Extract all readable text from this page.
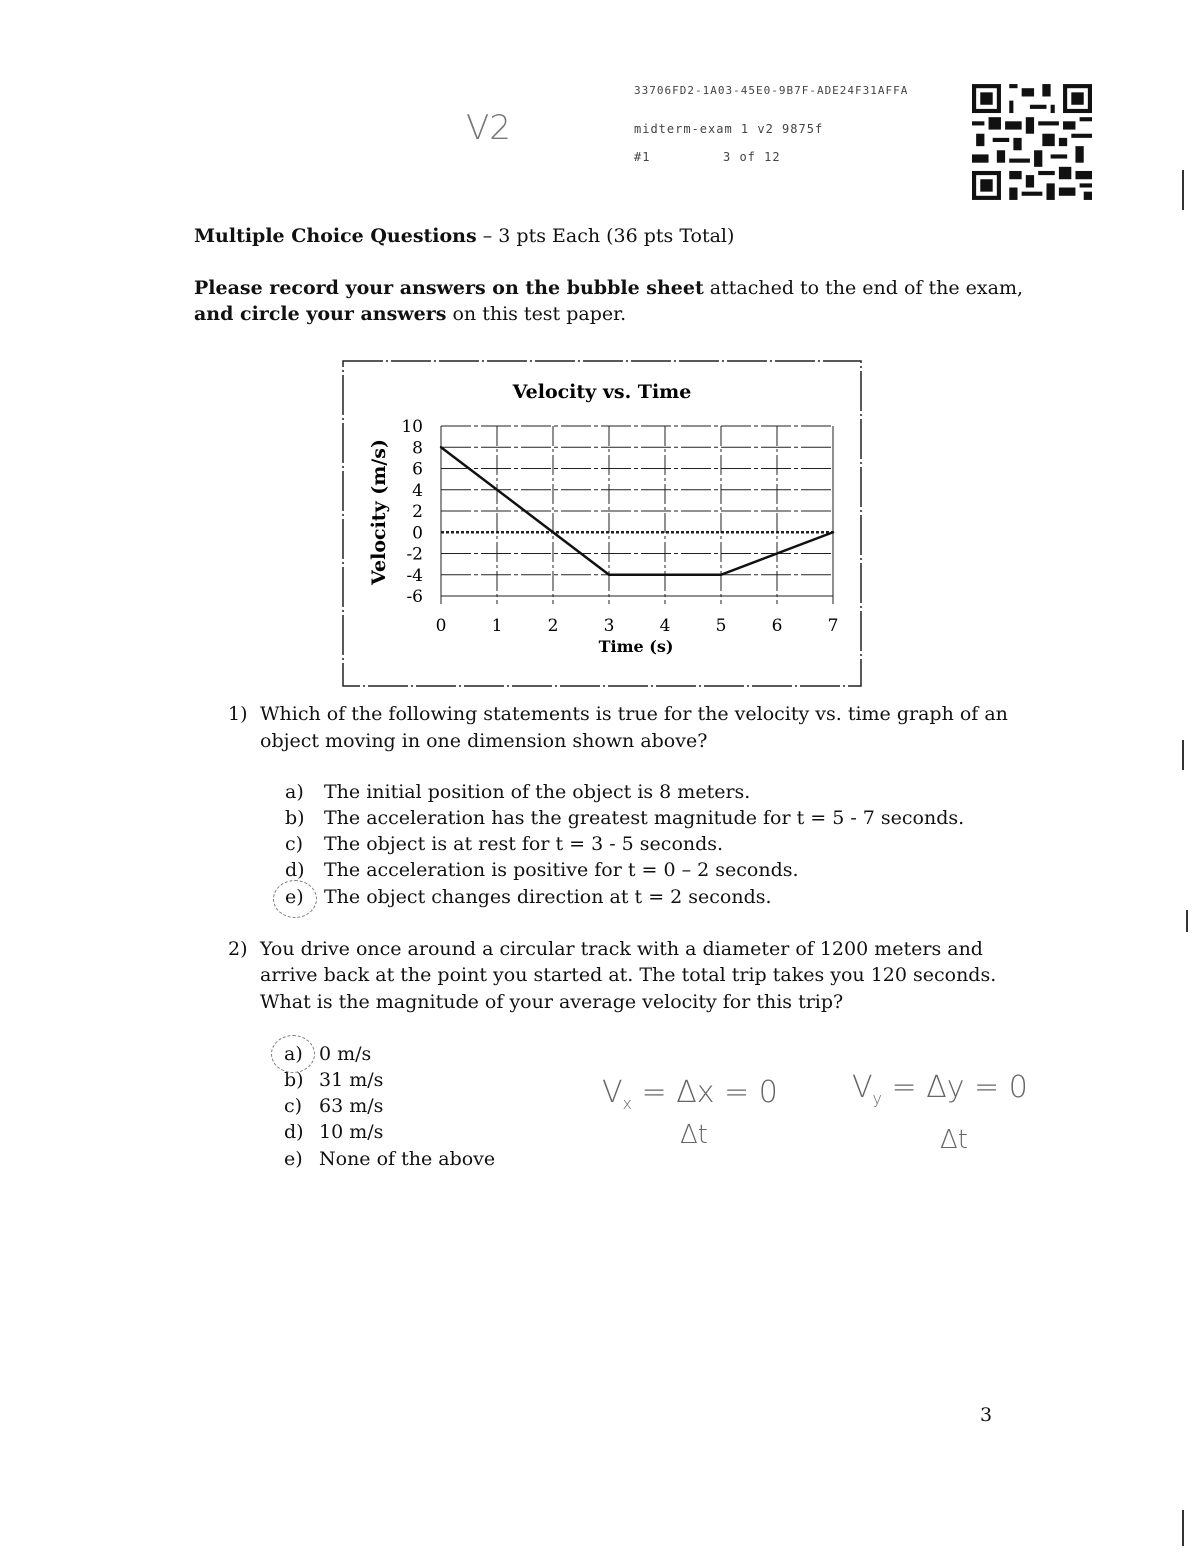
V2
33706FD2-1A03-45E0-9B7F-ADE24F31AFFA
midterm-exam 1 v2 9875f
#1	3 of 12
Multiple Choice Questions – 3 pts Each (36 pts Total)
Please record your answers on the bubble sheet attached to the end of the exam,
and circle your answers on this test paper.
Velocity vs. Time
Time (s)
Velocity (m/s)
10
8
6
4
2
0
-2
-4
-6
0	1	2	3	4	5	6	7
1) Which of the following statements is true for the velocity vs. time graph of an
object moving in one dimension shown above?
a) The initial position of the object is 8 meters.
b) The acceleration has the greatest magnitude for t = 5 - 7 seconds.
c) The object is at rest for t = 3 - 5 seconds.
d) The acceleration is positive for t = 0 – 2 seconds.
e) The object changes direction at t = 2 seconds.
2) You drive once around a circular track with a diameter of 1200 meters and
arrive back at the point you started at. The total trip takes you 120 seconds.
What is the magnitude of your average velocity for this trip?
a) 0 m/s
b) 31 m/s
c) 63 m/s
d) 10 m/s
e) None of the above
$V_x = \Delta x = 0$
Δt
$V_y = \Delta y = 0$
Δt
3
